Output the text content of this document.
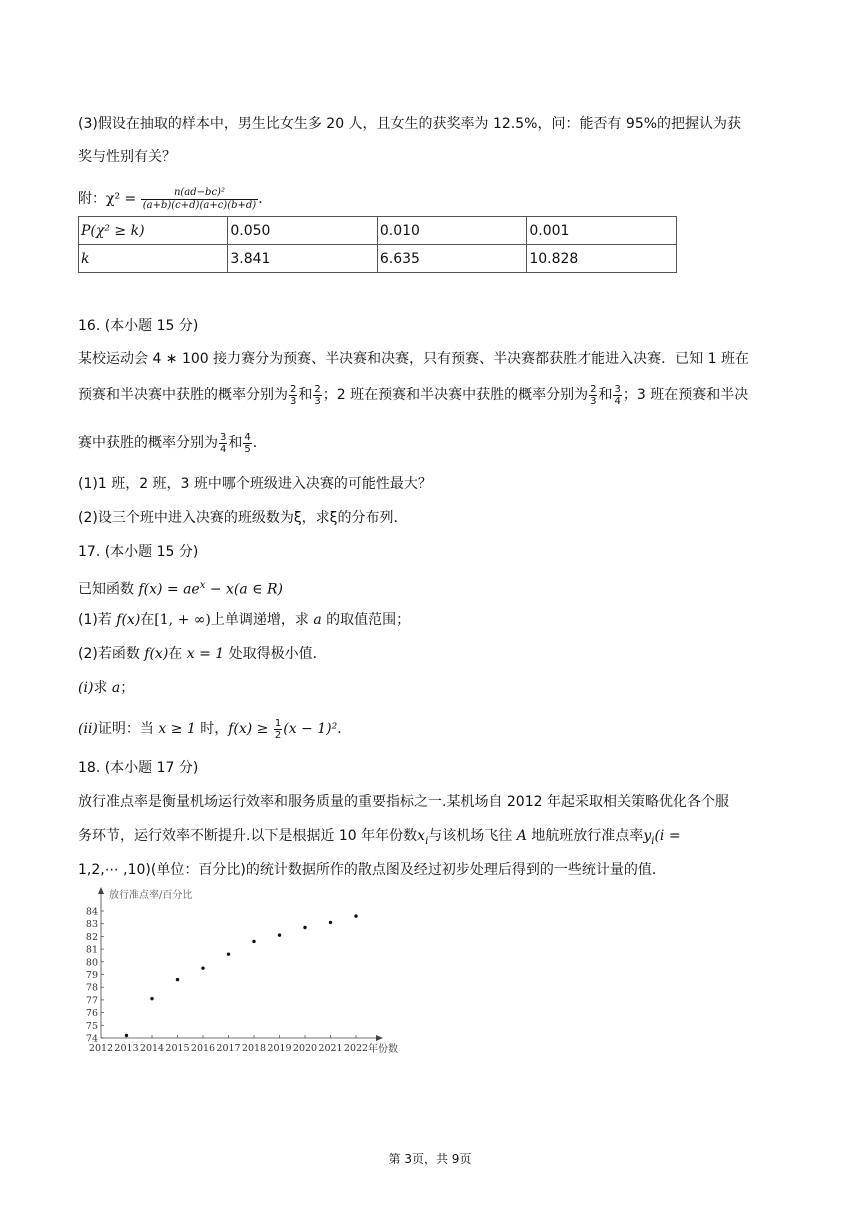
(3)假设在抽取的样本中，男生比女生多 20 人，且女生的获奖率为 12.5%，问：能否有 95%的把握认为获
奖与性别有关？
附：$\chi^2 = \frac{\text{n(ad−bc)²}}{(a+b)(c+d)(a+c)(b+d)}$ .
P(χ² ≥ k)	0.050	0.010	0.001
k	3.841	6.635	10.828
16. (本小题 15 分)
某校运动会 4 ∗ 100 接力赛分为预赛、半决赛和决赛，只有预赛、半决赛都获胜才能进入决赛．已知 1 班在
预赛和半决赛中获胜的概率分别为 $\frac{2}{3}$ 和 $\frac{2}{3}$ ；2 班在预赛和半决赛中获胜的概率分别为 $\frac{2}{3}$ 和 $\frac{3}{4}$ ；3 班在预赛和半决
赛中获胜的概率分别为 $\frac{3}{4}$ 和 $\frac{4}{5}$ .
(1)1 班，2 班，3 班中哪个班级进入决赛的可能性最大？
(2)设三个班中进入决赛的班级数为ξ，求ξ的分布列．
17. (本小题 15 分)
已知函数 $f(x) = ae^x - x(a$ ∈ R)
(1)若 f(x)在[1, + ∞)上单调递增，求 a 的取值范围；
(2)若函数 f(x)在 x = 1 处取得极小值．
(i)求 a；
(ii)证明：当 x ≥ 1 时，$f(x) \ge \frac{1}{2} (x - 1)^2$.
18. (本小题 17 分)
放行准点率是衡量机场运行效率和服务质量的重要指标之一.某机场自 2012 年起采取相关策略优化各个服
务环节，运行效率不断提升.以下是根据近 10 年年份数$x_i$与该机场飞往 A 地航班放行准点率$y_i(i$ =
1,2,⋯ ,10)(单位：百分比)的统计数据所作的散点图及经过初步处理后得到的一些统计量的值．
74
75
76
77
78
79
80
81
82
83
84
2012 2013 2014 2015 2016 2017 2018 2019 2020 2021 2022
放行准点率/百分比
年份数
第 3页，共 9页
